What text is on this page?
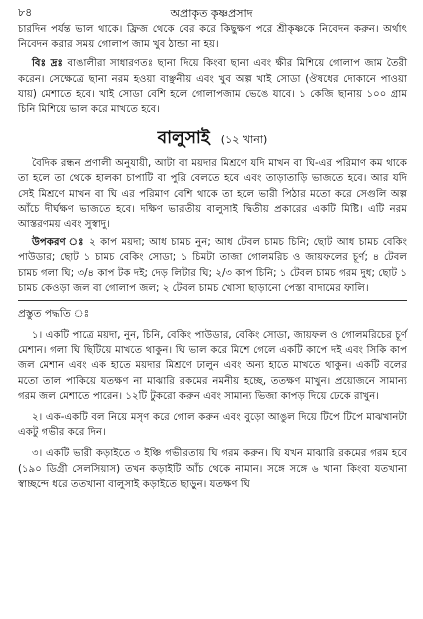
৮৪	অপ্রাকৃত কৃষ্ণপ্রসাদ

চারদিন পর্যন্ত ভাল থাকে। ফ্রিজ থেকে বের করে কিছুক্ষণ পরে শ্রীকৃষ্ণকে নিবেদন করুন। অর্থাৎ নিবেদন করার সময় গোলাপ জাম খুব ঠান্ডা না হয়।

বিঃ দ্রঃ বাঙালীরা সাধারণতঃ ছানা দিয়ে কিংবা ছানা এবং ক্ষীর মিশিয়ে গোলাপ জাম তৈরী করেন। সেক্ষেত্রে ছানা নরম হওয়া বাঞ্ছনীয় এবং খুব অল্প খাই সোডা (ঔষধের দোকানে পাওয়া যায়) মেশাতে হবে। খাই সোডা বেশি হলে গোলাপজাম ভেঙে যাবে। ১ কেজি ছানায় ১০০ গ্রাম চিনি মিশিয়ে ভাল করে মাখতে হবে।

বালুসাই (১২ খানা)

বৈদিক রন্ধন প্রণালী অনুযায়ী, আটা বা ময়দার মিশ্রণে যদি মাখন বা ঘি-এর পরিমাণ কম থাকে তা হলে তা থেকে হালকা চাপাটি বা পুরি বেলতে হবে এবং তাড়াতাড়ি ভাজতে হবে। আর যদি সেই মিশ্রণে মাখন বা ঘি এর পরিমাণ বেশি থাকে তা হলে ভারী পিঠার মতো করে সেগুলি অল্প আঁচে দীর্ঘক্ষণ ভাজতে হবে। দক্ষিণ ভারতীয় বালুসাই দ্বিতীয় প্রকারের একটি মিষ্টি। এটি নরম আস্তরণময় এবং সুস্বাদু।

উপকরণ ঃ ২ কাপ ময়দা; আধ চামচ নুন; আধ টেবল চামচ চিনি; ছোট আধ চামচ বেকিং পাউডার; ছোট ১ চামচ বেকিং সোডা; ১ চিমটা তাজা গোলমরিচ ও জায়ফলের চূর্ণ; ৪ টেবল চামচ গলা ঘি; ৩/৪ কাপ টক দই; দেড় লিটার ঘি; ২/৩ কাপ চিনি; ১ টেবল চামচ গরম দুধ; ছোট ১ চামচ কেওড়া জল বা গোলাপ জল; ২ টেবল চামচ খোসা ছাড়ানো পেস্তা বাদামের ফালি।

প্রস্তুত পদ্ধতি ঃ

১। একটি পাত্রে ময়দা, নুন, চিনি, বেকিং পাউডার, বেকিং সোডা, জায়ফল ও গোলমরিচের চূর্ণ মেশান। গলা ঘি ছিটিয়ে মাখতে থাকুন। ঘি ভাল করে মিশে গেলে একটি কাপে দই এবং সিকি কাপ জল মেশান এবং এক হাতে ময়দার মিশ্রণে ঢালুন এবং অন্য হাতে মাখতে থাকুন। একটি বলের মতো তাল পাকিয়ে যতক্ষণ না মাঝারি রকমের নমনীয় হচ্ছে, ততক্ষণ মাখুন। প্রয়োজনে সামান্য গরম জল মেশাতে পারেন। ১২টি টুকরো করুন এবং সামান্য ভিজা কাপড় দিয়ে ঢেকে রাখুন।

২। এক-একটি বল নিয়ে মসৃণ করে গোল করুন এবং বুড়ো আঙুল দিয়ে টিপে টিপে মাঝখানটা একটু গভীর করে দিন।

৩। একটি ভারী কড়াইতে ৩ ইঞ্চি গভীরতায় ঘি গরম করুন। ঘি যখন মাঝারি রকমের গরম হবে (১৯০ ডিগ্রী সেলসিয়াস) তখন কড়াইটি আঁচ থেকে নামান। সঙ্গে সঙ্গে ৬ খানা কিংবা যতখানা স্বাচ্ছন্দে ধরে ততখানা বালুসাই কড়াইতে ছাড়ুন। যতক্ষণ ঘি
